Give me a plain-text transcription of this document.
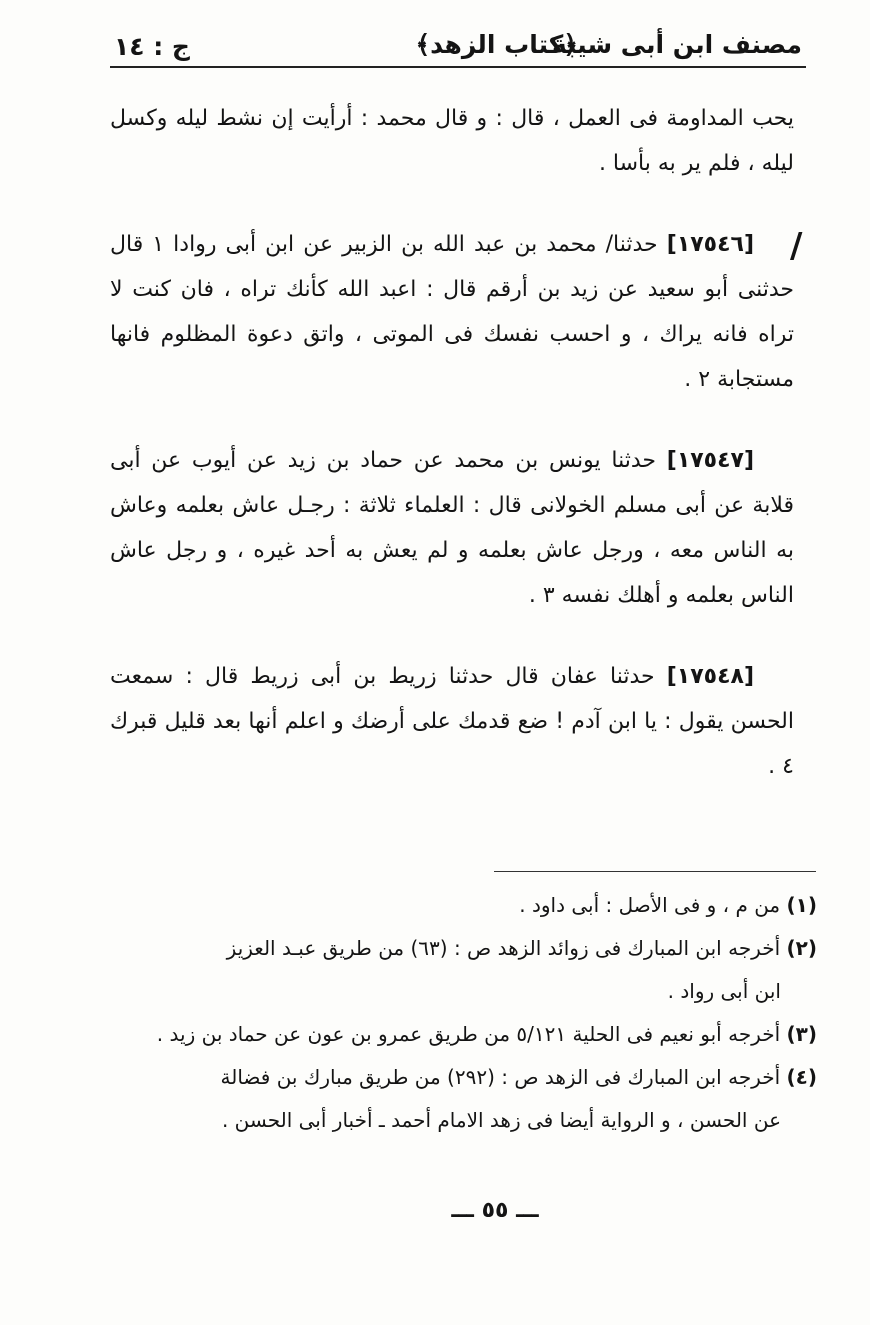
مصنف ابن أبى شيبة
﴿كتاب الزهد﴾
ج : ١٤
/

يحب المداومة فى العمل ، قال : و قال محمد : أرأيت إن نشط ليله وكسل ليله ، فلم ير به بأسا .

[١٧٥٤٦] حدثنا/ محمد بن عبد الله بن الزبير عن ابن أبى روادا ١ قال حدثنى أبو سعيد عن زيد بن أرقم قال : اعبد الله كأنك تراه ، فان كنت لا تراه فانه يراك ، و احسب نفسك فى الموتى ، واتق دعوة المظلوم فانها مستجابة ٢ .

[١٧٥٤٧] حدثنا يونس بن محمد عن حماد بن زيد عن أيوب عن أبى قلابة عن أبى مسلم الخولانى قال : العلماء ثلاثة : رجـل عاش بعلمه وعاش به الناس معه ، ورجل عاش بعلمه و لم يعش به أحد غيره ، و رجل عاش الناس بعلمه و أهلك نفسه ٣ .

[١٧٥٤٨] حدثنا عفان قال حدثنا زريط بن أبى زريط قال : سمعت الحسن يقول : يا ابن آدم ! ضع قدمك على أرضك و اعلم أنها بعد قليل قبرك ٤ .

(١) من م ، و فى الأصل : أبى داود .

(٢) أخرجه ابن المبارك فى زوائد الزهد ص : (٦٣) من طريق عبـد العزيز
ابن أبى رواد .

(٣) أخرجه أبو نعيم فى الحلية ٥/١٢١ من طريق عمرو بن عون عن حماد بن زيد .

(٤) أخرجه ابن المبارك فى الزهد ص : (٢٩٢) من طريق مبارك بن فضالة
عن الحسن ، و الرواية أيضا فى زهد الامام أحمد ـ أخبار أبى الحسن .

ـــ ٥٥ ـــ
